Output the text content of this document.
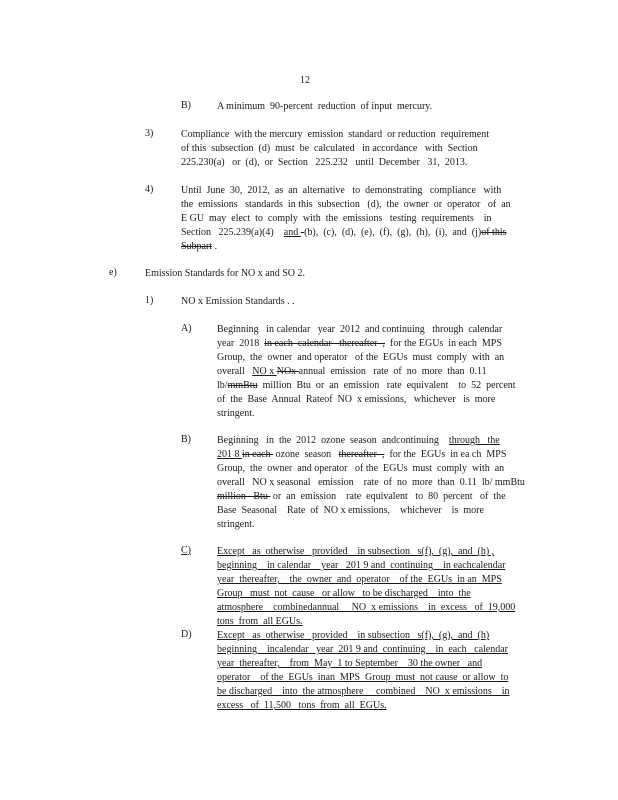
12
B)	A minimum  90-percent  reduction  of input  mercury.
3)	Compliance  with the mercury  emission  standard  or reduction  requirement
of this  subsection  (d)  must  be  calculated   in accordance   with  Section
225.230(a)   or  (d),  or  Section   225.232   until  December   31,  2013.
4)	Until  June  30,  2012,  as  an  alternative   to  demonstrating   compliance   with
the  emissions   standards  in this  subsection   (d),  the  owner  or  operator   of  an
E GU  may  elect  to  comply  with  the  emissions   testing  requirements    in
Section   225.239(a)(4)    and -(b),  (c),  (d),  (e),  (f),  (g),  (h),  (i),  and  (j)of this
Subpart .
e)	Emission Standards for NO x and SO 2.
1)	NO x Emission Standards . .
A)	Beginning   in calendar   year  2012  and continuing   through  calendar
year  2018  in each  calendar   thereafter  ,  for the EGUs  in each  MPS
Group,  the  owner  and operator   of the  EGUs  must  comply  with  an
overall   NO x NOx annual  emission   rate  of  no  more  than  0.11
lb/mmBtu  million  Btu  or  an  emission   rate  equivalent    to  52  percent
of  the  Base  Annual  Rateof  NO  x emissions,   whichever   is  more
stringent.
B)	Beginning   in  the  2012  ozone  season  andcontinuing    through   the
201 8 in each  ozone  season   thereafter  ,  for the  EGUs  in ea ch  MPS
Group,  the  owner  and operator   of the  EGUs  must  comply  with  an
overall   NO x seasonal   emission    rate  of  no  more  than  0.11  lb/ mmBtu
million   Btu  or  an  emission    rate  equivalent   to  80  percent   of  the
Base  Seasonal    Rate  of  NO x emissions,    whichever    is  more
stringent.
C)	Except   as  otherwise   provided    in subsection   s(f),  (g),  and  (h) ,
beginning    in calendar    year   201 9 and  continuing    in eachcalendar
year  thereafter,    the  owner  and  operator    of the  EGUs  in an  MPS
Group   must  not  cause   or allow   to be discharged    into  the
atmosphere    combinedannual     NO  x emissions    in  excess   of  19,000
tons  from  all EGUs.
D)	Except   as  otherwise   provided    in subsection   s(f),  (g),  and  (h)
beginning    incalendar   year  201 9 and  continuing    in  each   calendar
year  thereafter,    from  May  1 to September    30 the owner   and
operator    of the  EGUs  inan  MPS  Group  must  not cause  or allow  to
be discharged    into  the atmosphere     combined    NO  x emissions    in
excess   of  11,500   tons  from  all  EGUs.
